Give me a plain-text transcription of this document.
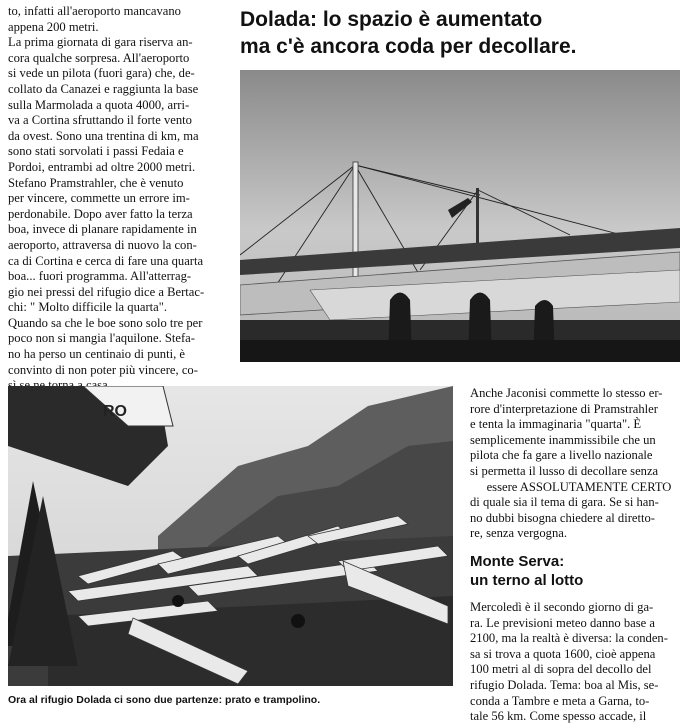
to, infatti all'aeroporto mancavano

appena 200 metri.

La prima giornata di gara riserva an-

cora qualche sorpresa. All'aeroporto

si vede un pilota (fuori gara) che, de-

collato da Canazei e raggiunta la base

sulla Marmolada a quota 4000, arri-

va a Cortina sfruttando il forte vento

da ovest. Sono una trentina di km, ma

sono stati sorvolati i passi Fedaia e

Pordoi, entrambi ad oltre 2000 metri.

Stefano Pramstrahler, che è venuto

per vincere, commette un errore im-

perdonabile. Dopo aver fatto la terza

boa, invece di planare rapidamente in

aeroporto, attraversa di nuovo la con-

ca di Cortina e cerca di fare una quarta

boa... fuori programma. All'atterrag-

gio nei pressi del rifugio dice a Bertac-

chi: " Molto difficile la quarta".

Quando sa che le boe sono solo tre per

poco non si mangia l'aquilone. Stefa-

no ha perso un centinaio di punti, è

convinto di non poter più vincere, co-

Dolada: lo spazio è aumentato
ma c'è ancora coda per decollare.
RO
Ora al rifugio Dolada ci sono due partenze: prato e trampolino.

Anche Jaconisi commette lo stesso er-

rore d'interpretazione di Pramstrahler

e tenta la immaginaria "quarta". È

semplicemente inammissibile che un

pilota che fa gare a livello nazionale

si permetta il lusso di decollare senza

essere ASSOLUTAMENTE CERTO

di quale sia il tema di gara. Se si han-

no dubbi bisogna chiedere al diretto-

re, senza vergogna.

Monte Serva:
un terno al lotto

Mercoledì è il secondo giorno di ga-

ra. Le previsioni meteo danno base a

2100, ma la realtà è diversa: la conden-

sa si trova a quota 1600, cioè appena

100 metri al di sopra del decollo del

rifugio Dolada. Tema: boa al Mis, se-

conda a Tambre e meta a Garna, to-

tale 56 km. Come spesso accade, il
